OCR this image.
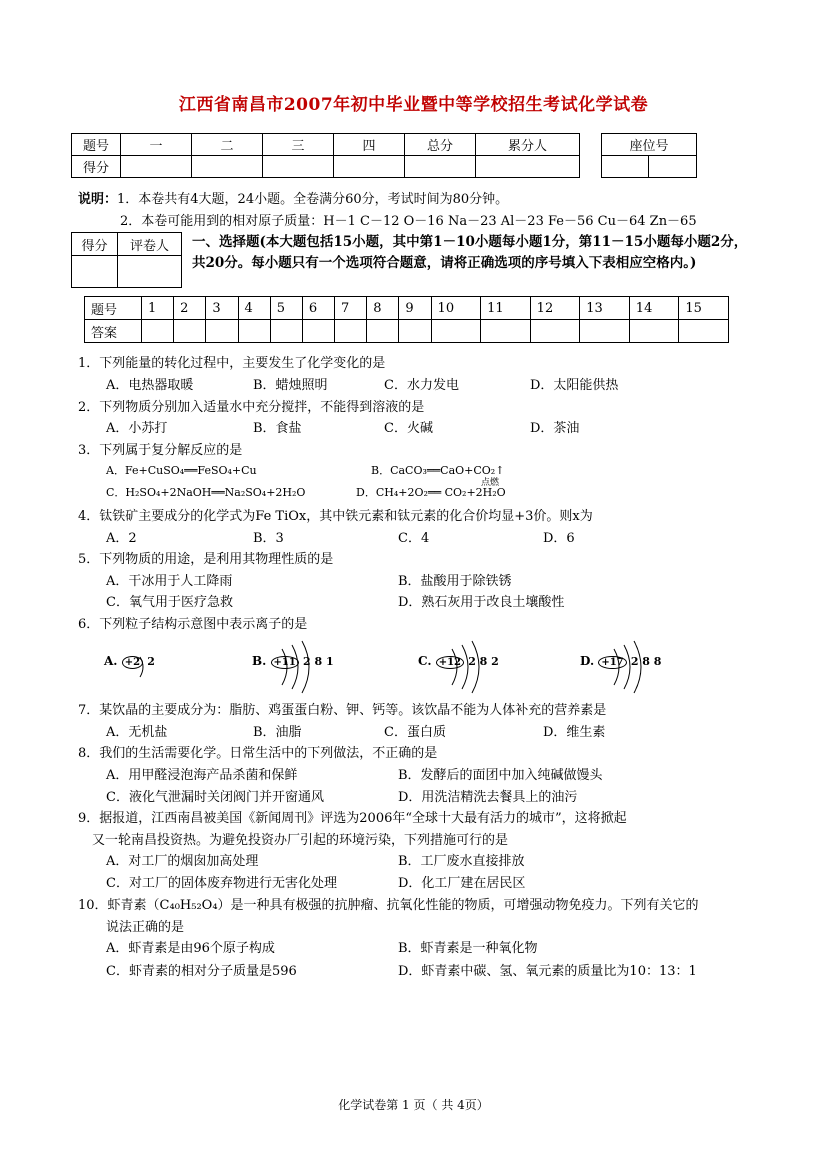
江西省南昌市2007年初中毕业暨中等学校招生考试化学试卷
题号	一	二	三	四	总分	累分人
得分						
座位号

说明：1．本卷共有4大题，24小题。全卷满分60分，考试时间为80分钟。
2．本卷可能用到的相对原子质量：H－1 C－12 O－16 Na－23 Al－23 Fe－56 Cu－64 Zn－65
得分	评卷人
	一、选择题(本大题包括15小题，其中第1－10小题每小题1分，第11－15小题每小题2分，共20分。每小题只有一个选项符合题意，请将正确选项的序号填入下表相应空格内。)
题号	1	2	3	4	5	6	7	8	9	10	11	12	13	14	15
答案															
1．下列能量的转化过程中，主要发生了化学变化的是
A．电热器取暖	B．蜡烛照明	C．水力发电	D．太阳能供热
2．下列物质分别加入适量水中充分搅拌，不能得到溶液的是
A．小苏打	B．食盐	C．火碱	D．茶油
3．下列属于复分解反应的是
A．Fe+CuSO₄══FeSO₄+Cu	B．CaCO₃══CaO+CO₂↑
C．H₂SO₄+2NaOH══Na₂SO₄+2H₂O	D．CH₄+2O₂══ CO₂+2H₂O
点燃
4．钛铁矿主要成分的化学式为Fe TiOx，其中铁元素和钛元素的化合价均显+3价。则x为
A．2	B．3	C．4	D．6
5．下列物质的用途，是利用其物理性质的是
A．干冰用于人工降雨	B．盐酸用于除铁锈
C．氧气用于医疗急救	D．熟石灰用于改良土壤酸性
6．下列粒子结构示意图中表示离子的是
A. +2 2	B. +11 2 8 1	C. +12 2 8 2	D. +17 2 8 8
7．某饮晶的主要成分为：脂肪、鸡蛋蛋白粉、钾、钙等。该饮晶不能为人体补充的营养素是
A．无机盐	B．油脂	C．蛋白质	D．维生素
8．我们的生活需要化学。日常生活中的下列做法，不正确的是
A．用甲醛浸泡海产品杀菌和保鲜	B．发酵后的面团中加入纯碱做馒头
C．液化气泄漏时关闭阀门并开窗通风	D．用洗洁精洗去餐具上的油污
9．据报道，江西南昌被美国《新闻周刊》评选为2006年“全球十大最有活力的城市”，这将掀起
又一轮南昌投资热。为避免投资办厂引起的环境污染，下列措施可行的是
A．对工厂的烟囱加高处理	B．工厂废水直接排放
C．对工厂的固体废弃物进行无害化处理	D．化工厂建在居民区
10．虾青素（C₄₀H₅₂O₄）是一种具有极强的抗肿瘤、抗氧化性能的物质，可增强动物免疫力。下列有关它的
说法正确的是
A．虾青素是由96个原子构成	B．虾青素是一种氧化物
C．虾青素的相对分子质量是596	D．虾青素中碳、氢、氧元素的质量比为10：13：1
化学试卷第 1 页（ 共 4页）
